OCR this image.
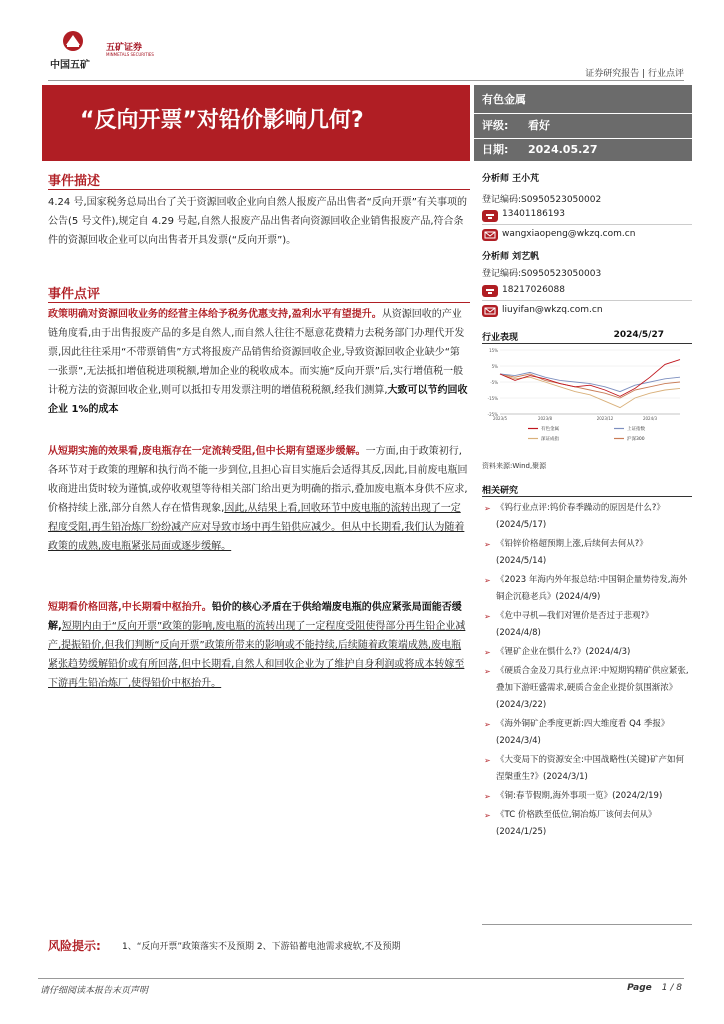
中国五矿
五矿证券
MINMETALS SECURITIES
证券研究报告 | 行业点评
“反向开票”对铅价影响几何?
有色金属
评级: 看好
日期: 2024.05.27
事件描述
4.24 号,国家税务总局出台了关于资源回收企业向自然人报废产品出售者“反向开票”有关事项的公告(5 号文件),规定自 4.29 号起,自然人报废产品出售者向资源回收企业销售报废产品,符合条件的资源回收企业可以向出售者开具发票(“反向开票”)。
事件点评
政策明确对资源回收业务的经营主体给予税务优惠支持,盈利水平有望提升。从资源回收的产业链角度看,由于出售报废产品的多是自然人,而自然人往往不愿意花费精力去税务部门办理代开发票,因此往往采用“不带票销售”方式将报废产品销售给资源回收企业,导致资源回收企业缺少“第一张票”,无法抵扣增值税进项税额,增加企业的税收成本。而实施“反向开票”后,实行增值税一般计税方法的资源回收企业,则可以抵扣专用发票注明的增值税税额,经我们测算,大致可以节约回收企业 1%的成本
从短期实施的效果看,废电瓶存在一定流转受阻,但中长期有望逐步缓解。一方面,由于政策初行,各环节对于政策的理解和执行尚不能一步到位,且担心盲目实施后会适得其反,因此,目前废电瓶回收商进出货时较为谨慎,或停收观望等待相关部门给出更为明确的指示,叠加废电瓶本身供不应求,价格持续上涨,部分自然人存在惜售现象,因此,从结果上看,回收环节中废电瓶的流转出现了一定程度受阻,再生铅冶炼厂纷纷减产应对导致市场中再生铅供应减少。但从中长期看,我们认为随着政策的成熟,废电瓶紧张局面或逐步缓解。
短期看价格回落,中长期看中枢抬升。铅价的核心矛盾在于供给端废电瓶的供应紧张局面能否缓解,短期内由于“反向开票”政策的影响,废电瓶的流转出现了一定程度受阻使得部分再生铅企业减产,提振铅价,但我们判断“反向开票”政策所带来的影响或不能持续,后续随着政策端成熟,废电瓶紧张趋势缓解铅价或有所回落,但中长期看,自然人和回收企业为了维护自身利润或将成本转嫁至下游再生铅冶炼厂,使得铅价中枢抬升。
分析师 王小芃
登记编码:S0950523050002
13401186193
wangxiaopeng@wkzq.com.cn
分析师 刘艺帆
登记编码:S0950523050003
18217026088
liuyifan@wkzq.com.cn
行业表现	2024/5/27
15%
5%
-5%
-15%
-25%
2023/5	2023/8	2023/12	2024/3
有色金属	上证指数
深证成指	沪深300
资料来源:Wind,聚源
相关研究
➢ 《钨行业点评:钨价春季躁动的原因是什么?》(2024/5/17)
➢ 《铅锌价格超预期上涨,后续何去何从?》(2024/5/14)
➢ 《2023 年海内外年报总结:中国铜企量势待发,海外铜企沉稳老兵》(2024/4/9)
➢ 《危中寻机—我们对锂价是否过于悲观?》(2024/4/8)
➢ 《锂矿企业在惧什么?》(2024/4/3)
➢ 《硬质合金及刀具行业点评:中短期钨精矿供应紧张,叠加下游旺盛需求,硬质合金企业提价氛围渐浓》(2024/3/22)
➢ 《海外铜矿企季度更新:四大维度看 Q4 季报》(2024/3/4)
➢ 《大变局下的资源安全:中国战略性(关键)矿产如何涅槃重生?》(2024/3/1)
➢ 《铜:春节假期,海外事项一览》(2024/2/19)
➢ 《TC 价格跌至低位,铜冶炼厂该何去何从》(2024/1/25)
风险提示: 1、“反向开票”政策落实不及预期 2、下游铅蓄电池需求疲软,不及预期
请仔细阅读本报告末页声明	Page 1 / 8
